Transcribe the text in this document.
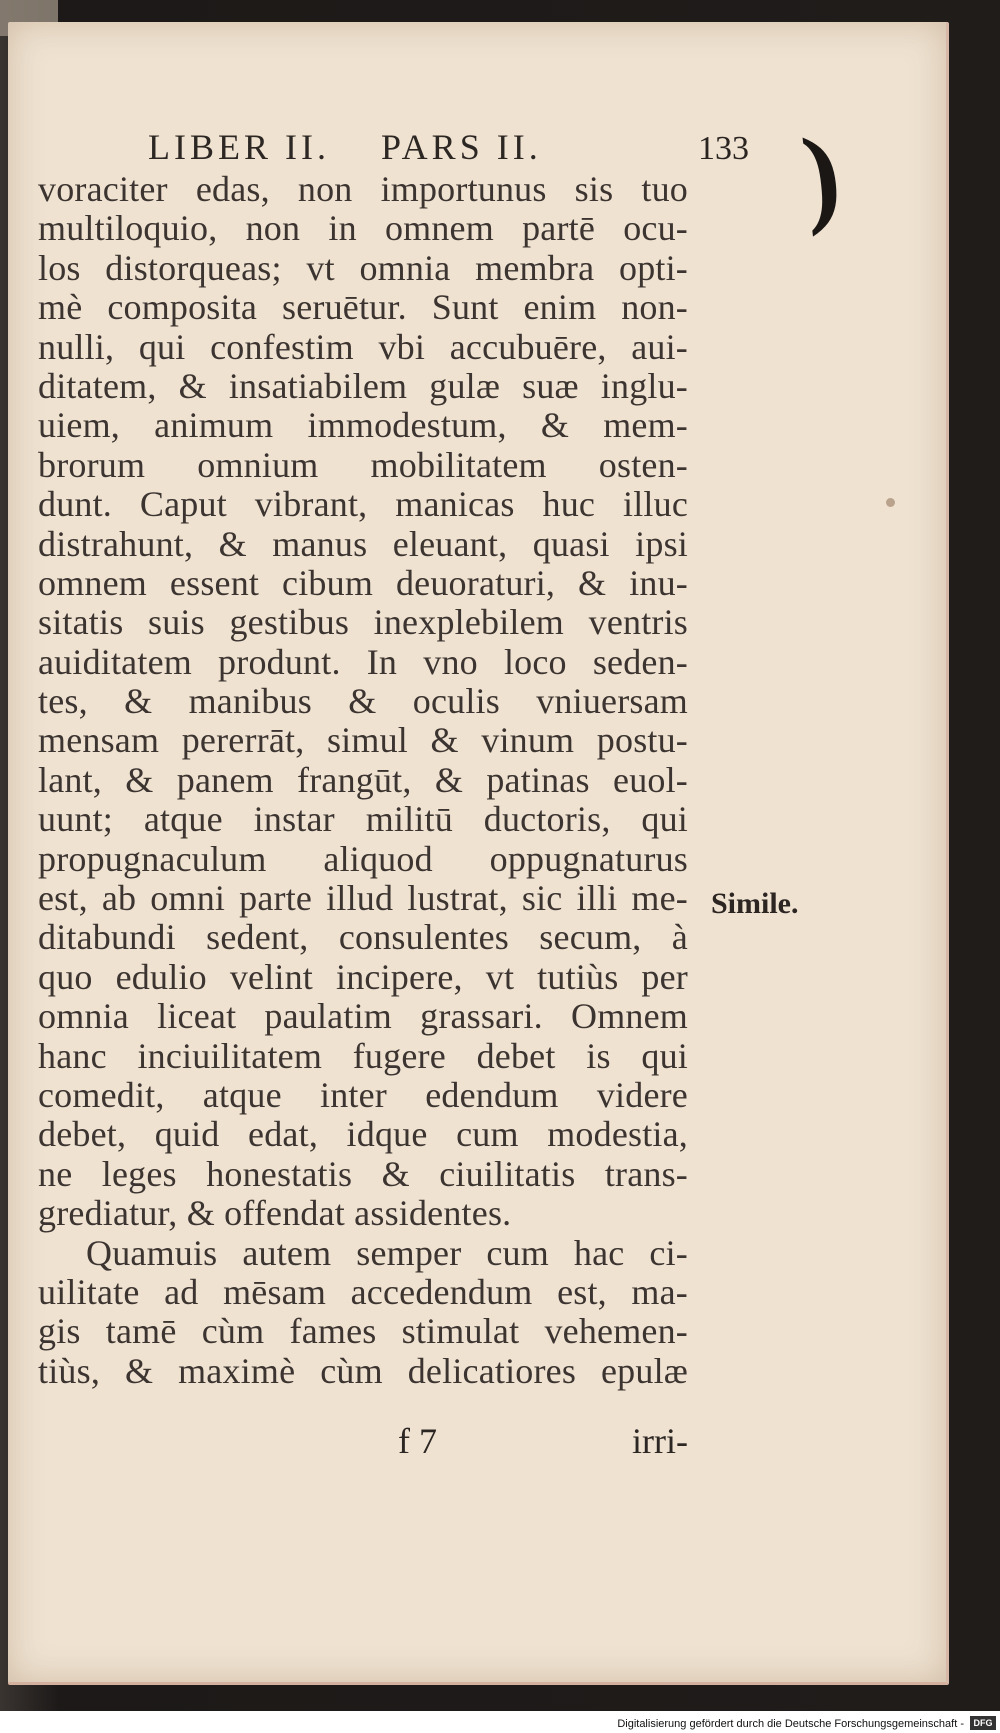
LIBER II. PARS II.	133 )
voraciter edas, non importunus sis tuo
multiloquio, non in omnem partē ocu-
los distorqueas; vt omnia membra opti-
mè composita seruētur. Sunt enim non-
nulli, qui confestim vbi accubuēre, aui-
ditatem, & insatiabilem gulæ suæ inglu-
uiem, animum immodestum, & mem-
brorum omnium mobilitatem osten-
dunt. Caput vibrant, manicas huc illuc
distrahunt, & manus eleuant, quasi ipsi
omnem essent cibum deuoraturi, & inu-
sitatis suis gestibus inexplebilem ventris
auiditatem produnt. In vno loco seden-
tes, & manibus & oculis vniuersam
mensam pererrāt, simul & vinum postu-
lant, & panem frangūt, & patinas euol-
uunt; atque instar militū ductoris, qui
propugnaculum aliquod oppugnaturus
est, ab omni parte illud lustrat, sic illi me-
ditabundi sedent, consulentes secum, à
quo edulio velint incipere, vt tutiùs per
omnia liceat paulatim grassari. Omnem
hanc inciuilitatem fugere debet is qui
comedit, atque inter edendum videre
debet, quid edat, idque cum modestia,
ne leges honestatis & ciuilitatis trans-
grediatur, & offendat assidentes.
Quamuis autem semper cum hac ci-
uilitate ad mēsam accedendum est, ma-
gis tamē cùm fames stimulat vehemen-
tiùs, & maximè cùm delicatiores epulæ
Simile.
f 7	irri-
Digitalisierung gefördert durch die Deutsche Forschungsgemeinschaft -	DFG
